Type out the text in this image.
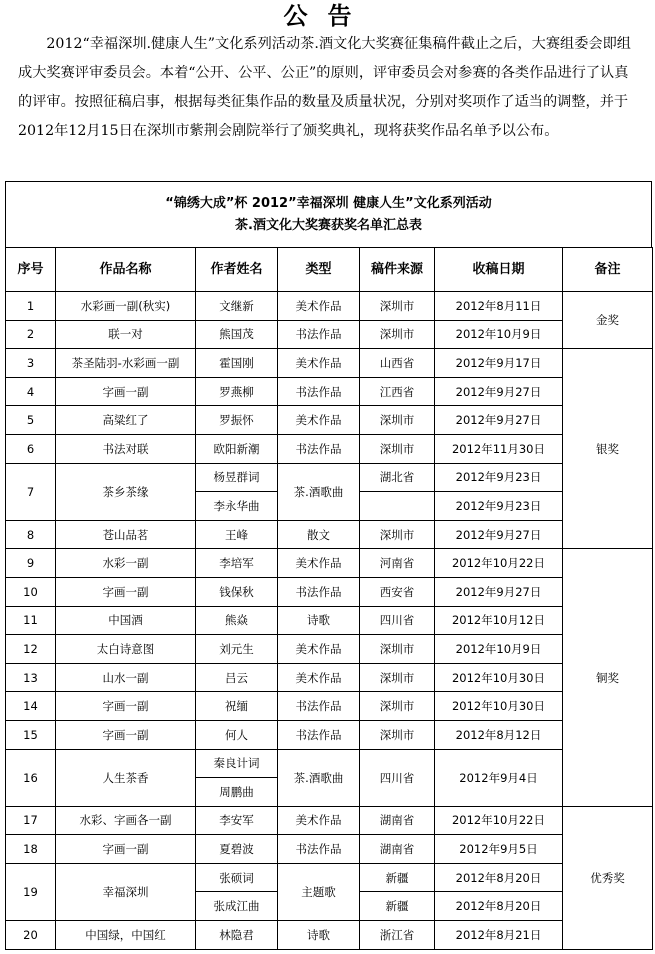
公告
2012“幸福深圳.健康人生”文化系列活动茶.酒文化大奖赛征集稿件截止之后，大赛组委会即组成大奖赛评审委员会。本着“公开、公平、公正”的原则，评审委员会对参赛的各类作品进行了认真的评审。按照征稿启事，根据每类征集作品的数量及质量状况，分别对奖项作了适当的调整，并于2012年12月15日在深圳市紫荆会剧院举行了颁奖典礼，现将获奖作品名单予以公布。
“锦绣大成”杯 2012”幸福深圳 健康人生”文化系列活动
茶.酒文化大奖赛获奖名单汇总表
序号	作品名称	作者姓名	类型	稿件来源	收稿日期	备注
1	水彩画一副(秋实)	文继新	美术作品	深圳市	2012年8月11日	金奖
2	联一对	熊国茂	书法作品	深圳市	2012年10月9日	
3	茶圣陆羽-水彩画一副	霍国刚	美术作品	山西省	2012年9月17日	银奖
4	字画一副	罗燕柳	书法作品	江西省	2012年9月27日	
5	高粱红了	罗振怀	美术作品	深圳市	2012年9月27日	
6	书法对联	欧阳新潮	书法作品	深圳市	2012年11月30日	
7	茶乡茶缘	杨昱群词	茶.酒歌曲	湖北省	2012年9月23日	
		李永华曲			2012年9月23日	
8	苍山品茗	王峰	散文	深圳市	2012年9月27日	
9	水彩一副	李培军	美术作品	河南省	2012年10月22日	铜奖
10	字画一副	钱保秋	书法作品	西安省	2012年9月27日	
11	中国酒	熊焱	诗歌	四川省	2012年10月12日	
12	太白诗意图	刘元生	美术作品	深圳市	2012年10月9日	
13	山水一副	吕云	美术作品	深圳市	2012年10月30日	
14	字画一副	祝缅	书法作品	深圳市	2012年10月30日	
15	字画一副	何人	书法作品	深圳市	2012年8月12日	
16	人生茶香	秦良计词	茶.酒歌曲	四川省	2012年9月4日	
		周鹏曲				
17	水彩、字画各一副	李安军	美术作品	湖南省	2012年10月22日	优秀奖
18	字画一副	夏碧波	书法作品	湖南省	2012年9月5日	
19	幸福深圳	张硕词	主题歌	新疆	2012年8月20日	
		张成江曲		新疆	2012年8月20日	
20	中国绿，中国红	林隐君	诗歌	浙江省	2012年8月21日	
